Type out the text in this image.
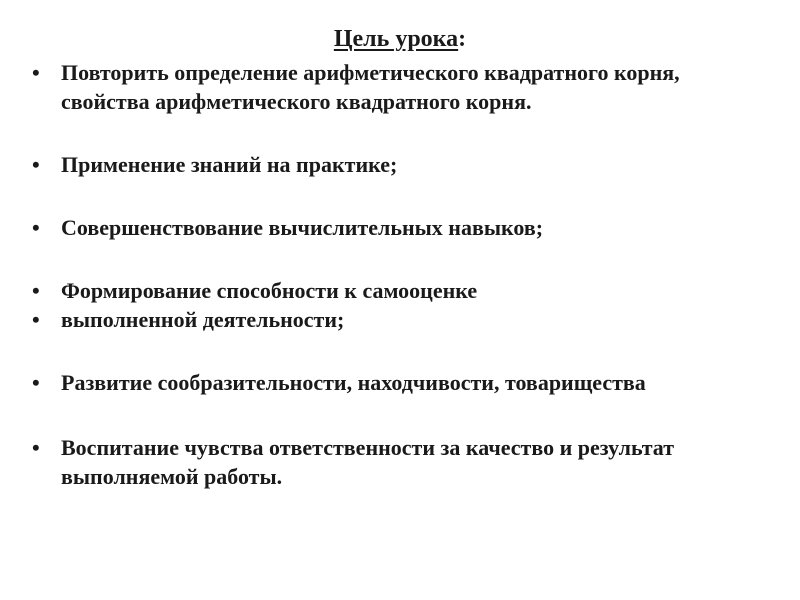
Цель урока:
• Повторить определение арифметического квадратного корня, свойства арифметического квадратного корня.
• Применение знаний на практике;
• Совершенствование вычислительных навыков;
• Формирование способности к самооценке
• выполненной деятельности;
• Развитие сообразительности, находчивости, товарищества
• Воспитание чувства ответственности за качество и результат выполняемой работы.
